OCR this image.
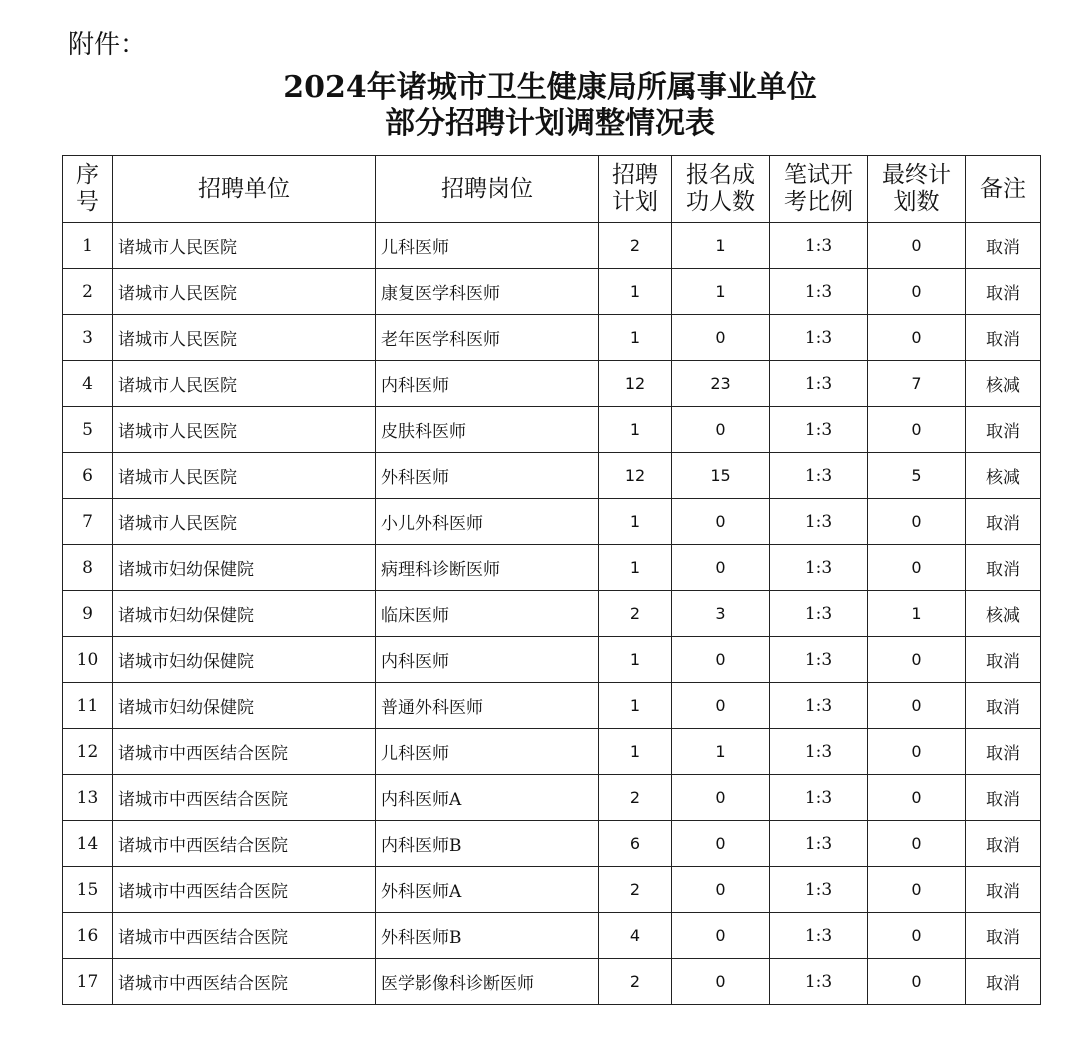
附件：
2024年诸城市卫生健康局所属事业单位
部分招聘计划调整情况表
序号	招聘单位	招聘岗位	招聘计划	报名成功人数	笔试开考比例	最终计划数	备注
1	诸城市人民医院	儿科医师	2	1	1:3	0	取消
2	诸城市人民医院	康复医学科医师	1	1	1:3	0	取消
3	诸城市人民医院	老年医学科医师	1	0	1:3	0	取消
4	诸城市人民医院	内科医师	12	23	1:3	7	核减
5	诸城市人民医院	皮肤科医师	1	0	1:3	0	取消
6	诸城市人民医院	外科医师	12	15	1:3	5	核减
7	诸城市人民医院	小儿外科医师	1	0	1:3	0	取消
8	诸城市妇幼保健院	病理科诊断医师	1	0	1:3	0	取消
9	诸城市妇幼保健院	临床医师	2	3	1:3	1	核减
10	诸城市妇幼保健院	内科医师	1	0	1:3	0	取消
11	诸城市妇幼保健院	普通外科医师	1	0	1:3	0	取消
12	诸城市中西医结合医院	儿科医师	1	1	1:3	0	取消
13	诸城市中西医结合医院	内科医师A	2	0	1:3	0	取消
14	诸城市中西医结合医院	内科医师B	6	0	1:3	0	取消
15	诸城市中西医结合医院	外科医师A	2	0	1:3	0	取消
16	诸城市中西医结合医院	外科医师B	4	0	1:3	0	取消
17	诸城市中西医结合医院	医学影像科诊断医师	2	0	1:3	0	取消
